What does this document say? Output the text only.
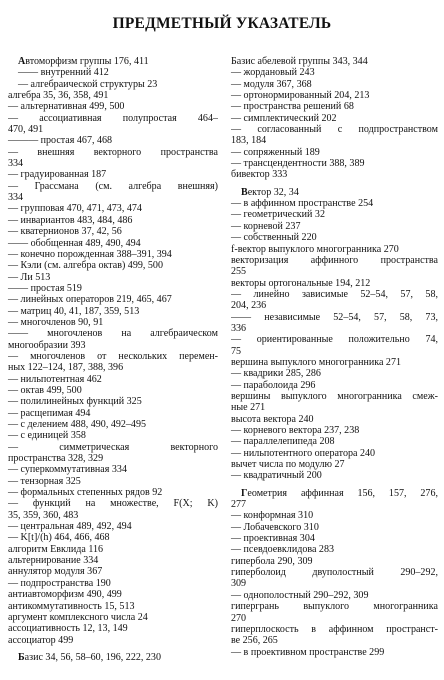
ПРЕДМЕТНЫЙ УКАЗАТЕЛЬ
Автоморфизм группы 176, 411
—— внутренний 412
— алгебраической структуры 23
алгебра 35, 36, 358, 491
— альтернативная 499, 500
— ассоциативная полупростая 464–
470, 491
——— простая 467, 468
— внешняя векторного пространства
334
— градуированная 187
— Грассмана (см. алгебра внешняя)
334
— групповая 470, 471, 473, 474
— инвариантов 483, 484, 486
— кватернионов 37, 42, 56
—— обобщенная 489, 490, 494
— конечно порожденная 388–391, 394
— Кэли (см. алгебра октав) 499, 500
— Ли 513
—— простая 519
— линейных операторов 219, 465, 467
— матриц 40, 41, 187, 359, 513
— многочленов 90, 91
—— многочленов на алгебраическом
многообразии 393
— многочленов от нескольких перемен-
ных 122–124, 187, 388, 396
— нильпотентная 462
— октав 499, 500
— полилинейных функций 325
— расщепимая 494
— с делением 488, 490, 492–495
— с единицей 358
— симметрическая векторного
пространства 328, 329
— суперкоммутативная 334
— тензорная 325
— формальных степенных рядов 92
— функций на множестве, F(X; K)
35, 359, 360, 483
— центральная 489, 492, 494
— K[t]/(h) 464, 466, 468
алгоритм Евклида 116
альтернирование 334
аннулятор модуля 367
— подпространства 190
антиавтоморфизм 490, 499
антикоммутативность 15, 513
аргумент комплексного числа 24
ассоциативность 12, 13, 149
ассоциатор 499
Базис 34, 56, 58–60, 196, 222, 230
Базис абелевой группы 343, 344
— жордановый 243
— модуля 367, 368
— ортонормированный 204, 213
— пространства решений 68
— симплектический 202
— согласованный с подпространством
183, 184
— сопряженный 189
— трансцендентности 388, 389
бивектор 333
Вектор 32, 34
— в аффинном пространстве 254
— геометрический 32
— корневой 237
— собственный 220
f-вектор выпуклого многогранника 270
векторизация аффинного пространства
255
векторы ортогональные 194, 212
— линейно зависимые 52–54, 57, 58,
204, 236
—— независимые 52–54, 57, 58, 73,
336
— ориентированные положительно 74,
75
вершина выпуклого многогранника 271
— квадрики 285, 286
— параболоида 296
вершины выпуклого многогранника смеж-
ные 271
высота вектора 240
— корневого вектора 237, 238
— параллелепипеда 208
— нильпотентного оператора 240
вычет числа по модулю 27
— квадратичный 200
Геометрия аффинная 156, 157, 276,
277
— конформная 310
— Лобачевского 310
— проективная 304
— псевдоевклидова 283
гипербола 290, 309
гиперболоид двуполостный 290–292,
309
— однополостный 290–292, 309
гипергрань выпуклого многогранника
270
гиперплоскость в аффинном пространст-
ве 256, 265
— в проективном пространстве 299
